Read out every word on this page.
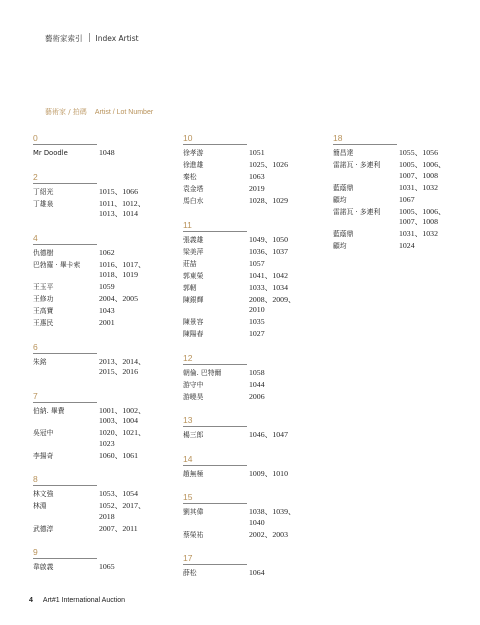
藝術家索引 Index Artist
藝術家 / 拍碼 Artist / Lot Number
0
Mr Doodle	1048
2
丁紹光	1015、1066
丁雄泉	1011、1012、
1013、1014
4
仇德樹	1062
巴勃羅 · 畢卡索	1016、1017、
1018、1019
王玉平	1059
王修功	2004、2005
王高寶	1043
王惠民	2001
6
朱銘	2013、2014、
2015、2016
7
伯納. 畢費	1001、1002、
1003、1004
吳冠中	1020、1021、
1023
李揚奇	1060、1061
8
林文強	1053、1054
林淵	1052、2017、
2018
武德淳	2007、2011
9
韋啟義	1065
10
徐孝游	1051
徐進雄	1025、1026
秦松	1063
袁金塔	2019
馬白水	1028、1029
11
張義雄	1049、1050
梁美萍	1036、1037
莊喆	1057
郭東榮	1041、1042
郭軔	1033、1034
陳銀輝	2008、2009、
2010
陳景容	1035
陳陽春	1027
12
朝倫. 巴特爾	1058
游守中	1044
游曉昊	2006
13
楊三郎	1046、1047
14
趙無極	1009、1010
15
劉其偉	1038、1039、
1040
蔡榮祐	2002、2003
17
薛松	1064
18
簡昌達	1055、1056
雷諾瓦 · 多連利	1005、1006、
1007、1008
藍蔭鼎	1031、1032
顧均	1067
雷諾瓦 · 多連利	1005、1006、
1007、1008
藍蔭鼎	1031、1032
顧均	1024
4 Art#1 International Auction
